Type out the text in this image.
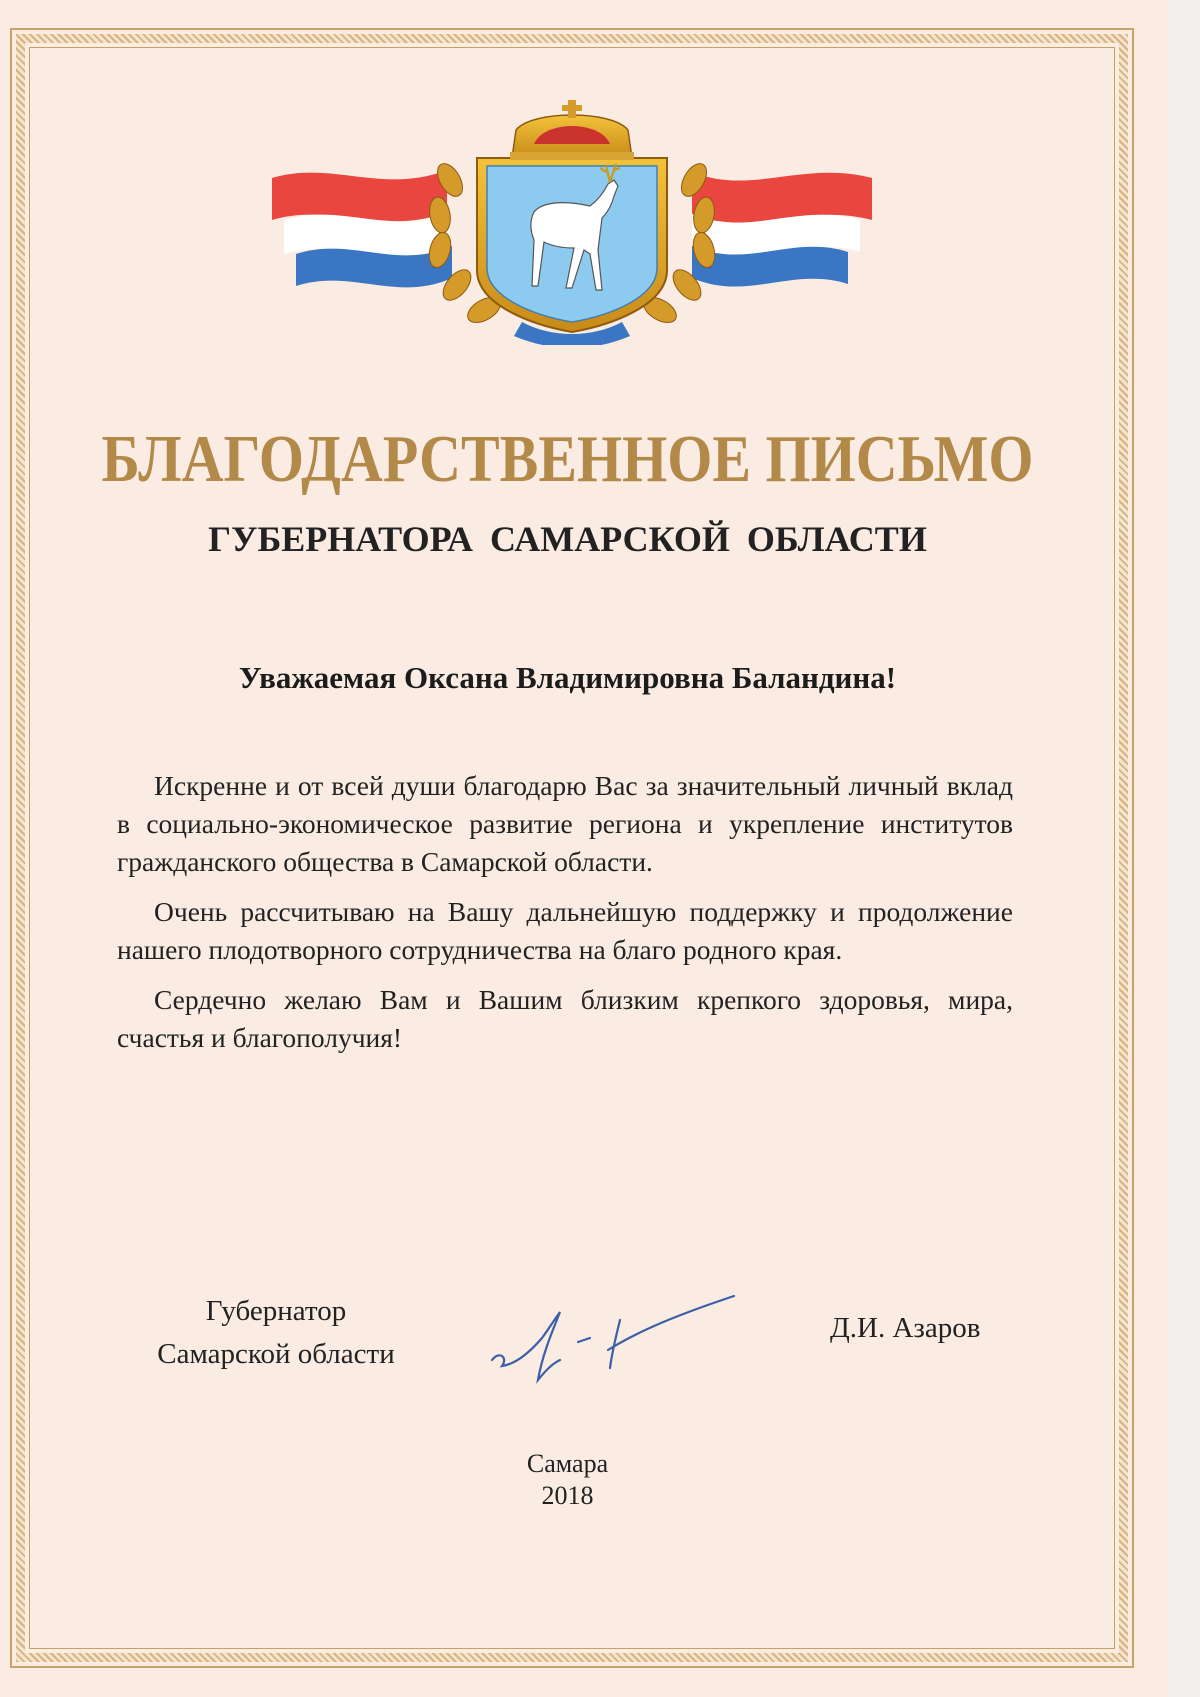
БЛАГОДАРСТВЕННОЕ ПИСЬМО
ГУБЕРНАТОРА САМАРСКОЙ ОБЛАСТИ
Уважаемая Оксана Владимировна Баландина!

Искренне и от всей души благодарю Вас за значительный личный вклад в социально-экономическое развитие региона и укрепление институтов гражданского общества в Самарской области.

Очень рассчитываю на Вашу дальнейшую поддержку и продолжение нашего плодотворного сотрудничества на благо родного края.

Сердечно желаю Вам и Вашим близким крепкого здоровья, мира, счастья и благополучия!

Губернатор
Самарской области
Д.И. Азаров
Самара
2018
